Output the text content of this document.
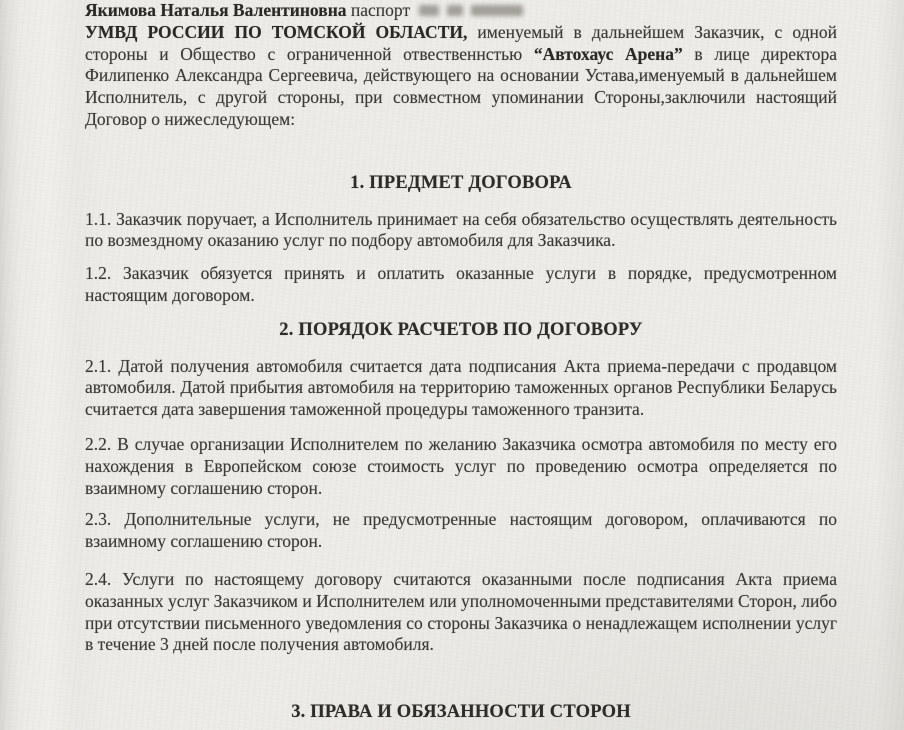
Якимова Наталья Валентиновна паспорт
УМВД РОССИИ ПО ТОМСКОЙ ОБЛАСТИ, именуемый в дальнейшем Заказчик, с одной стороны и Общество с ограниченной отвественнстью “Автохаус Арена” в лице директора Филипенко Александра Сергеевича, действующего на основании Устава,именуемый в дальнейшем Исполнитель, с другой стороны, при совместном упоминании Стороны,заключили настоящий Договор о нижеследующем:

1. ПРЕДМЕТ ДОГОВОРА

1.1. Заказчик поручает, а Исполнитель принимает на себя обязательство осуществлять деятельность по возмездному оказанию услуг по подбору автомобиля для Заказчика.

1.2. Заказчик обязуется принять и оплатить оказанные услуги в порядке, предусмотренном настоящим договором.

2. ПОРЯДОК РАСЧЕТОВ ПО ДОГОВОРУ

2.1. Датой получения автомобиля считается дата подписания Акта приема-передачи с продавцом автомобиля. Датой прибытия автомобиля на территорию таможенных органов Республики Беларусь считается дата завершения таможенной процедуры таможенного транзита.

2.2. В случае организации Исполнителем по желанию Заказчика осмотра автомобиля по месту его нахождения в Европейском союзе стоимость услуг по проведению осмотра определяется по взаимному соглашению сторон.

2.3. Дополнительные услуги, не предусмотренные настоящим договором, оплачиваются по взаимному соглашению сторон.

2.4. Услуги по настоящему договору считаются оказанными после подписания Акта приема оказанных услуг Заказчиком и Исполнителем или уполномоченными представителями Сторон, либо при отсутствии письменного уведомления со стороны Заказчика о ненадлежащем исполнении услуг в течение 3 дней после получения автомобиля.

3. ПРАВА И ОБЯЗАННОСТИ СТОРОН
